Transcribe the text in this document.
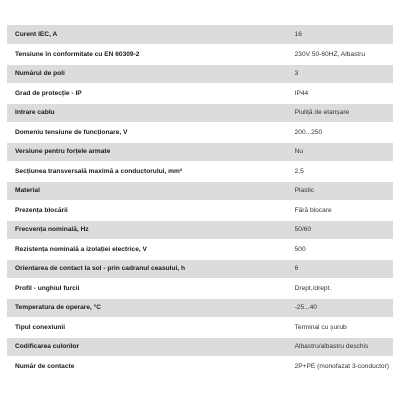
Curent IEC, A	16
Tensiune în conformitate cu EN 60309-2	230V 50-60HZ, Albastru
Numărul de poli	3
Grad de protecție - IP	IP44
Intrare cablu	Piuliță de etanșare
Domeniu tensiune de funcționare, V	200...250
Versiune pentru forțele armate	Nu
Secțiunea transversală maximă a conductorului, mm²	2,5
Material	Plastic
Prezența blocării	Fără blocare
Frecvența nominală, Hz	50/60
Rezistența nominală a izolației electrice, V	500
Orientarea de contact la sol - prin cadranul ceasului, h	6
Profil - unghiul furcii	Drept./drept.
Temperatura de operare, °C	-25...40
Tipul conexiunii	Terminal cu șurub
Codificarea culorilor	Albastru/albastru deschis
Număr de contacte	2P+PE (monofazat 3-conductor)
